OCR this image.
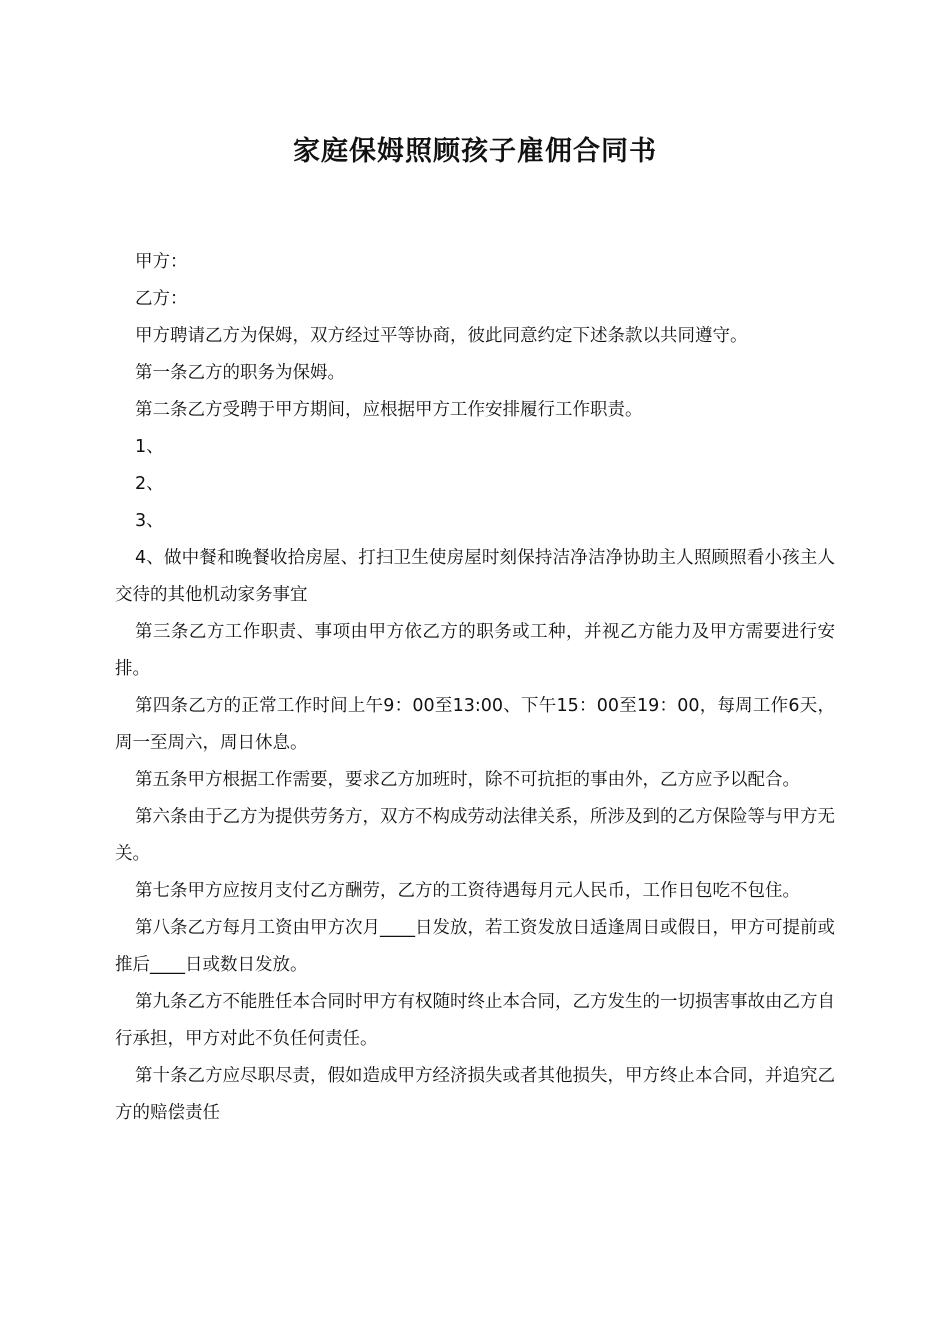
家庭保姆照顾孩子雇佣合同书

甲方：

乙方：

甲方聘请乙方为保姆，双方经过平等协商，彼此同意约定下述条款以共同遵守。

第一条乙方的职务为保姆。

第二条乙方受聘于甲方期间，应根据甲方工作安排履行工作职责。

1、

2、

3、

4、做中餐和晚餐收拾房屋、打扫卫生使房屋时刻保持洁净洁净协助主人照顾照看小孩主人交待的其他机动家务事宜

第三条乙方工作职责、事项由甲方依乙方的职务或工种，并视乙方能力及甲方需要进行安排。

第四条乙方的正常工作时间上午9：00至13:00、下午15：00至19：00，每周工作6天，周一至周六，周日休息。

第五条甲方根据工作需要，要求乙方加班时，除不可抗拒的事由外，乙方应予以配合。

第六条由于乙方为提供劳务方，双方不构成劳动法律关系，所涉及到的乙方保险等与甲方无关。

第七条甲方应按月支付乙方酬劳，乙方的工资待遇每月元人民币，工作日包吃不包住。

第八条乙方每月工资由甲方次月____日发放，若工资发放日适逢周日或假日，甲方可提前或推后____日或数日发放。

第九条乙方不能胜任本合同时甲方有权随时终止本合同，乙方发生的一切损害事故由乙方自行承担，甲方对此不负任何责任。

第十条乙方应尽职尽责，假如造成甲方经济损失或者其他损失，甲方终止本合同，并追究乙方的赔偿责任
